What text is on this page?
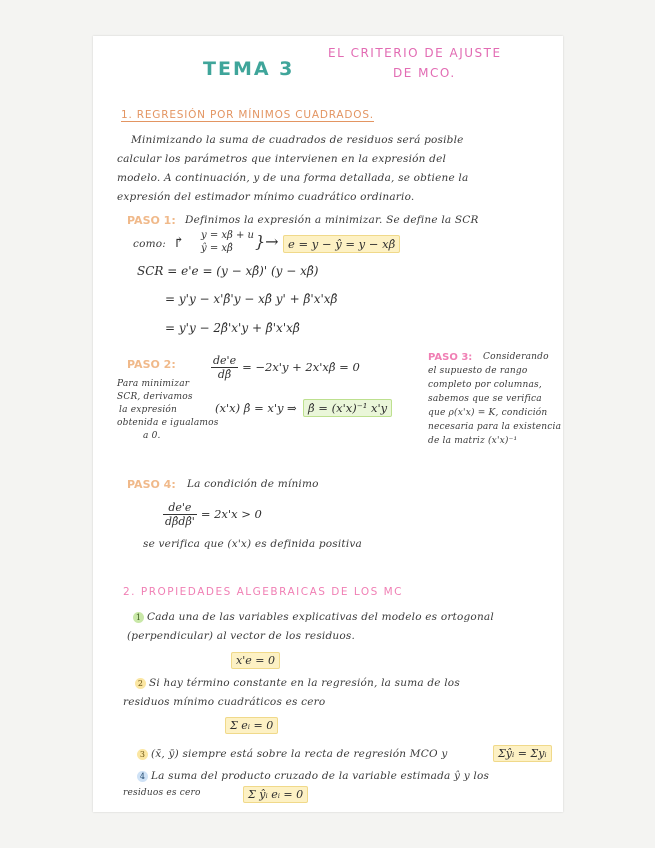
TEMA 3
EL CRITERIO DE AJUSTE
DE MCO.
1. REGRESIÓN POR MÍNIMOS CUADRADOS.
Minimizando la suma de cuadrados de residuos será posible
calcular los parámetros que intervienen en la expresión del
modelo. A continuación, y de una forma detallada, se obtiene la
expresión del estimador mínimo cuadrático ordinario.
PASO 1: Definimos la expresión a minimizar. Se define la SCR
como: ↱ y = xβ + u
ŷ = xβ̂ }→ e = y − ŷ = y − xβ̂
SCR = e'e = (y − xβ̂)' (y − xβ̂)
= y'y − x'β̂'y − xβ̂ y' + β̂'x'xβ̂
= y'y − 2β̂'x'y + β̂'x'xβ̂
PASO 2:	$\frac{de'e}{d\betâ} = -2x'y$ + 2x'xβ̂ = 0
Para minimizar
SCR, derivamos
la expresión
obtenida e igualamos
a 0.
(x'x) β̂ = x'y ⇒ β̂ = (x'x)⁻¹ x'y
PASO 3: Considerando
el supuesto de rango
completo por columnas,
sabemos que se verifica
que ρ(x'x) = K, condición
necesaria para la existencia
de la matriz (x'x)⁻¹
PASO 4: La condición de mínimo
$\frac{de'e}{d\betâd\betâ'} = 2x'x > 0$
se verifica que (x'x) es definida positiva
2. PROPIEDADES ALGEBRAICAS DE LOS MC
1 Cada una de las variables explicativas del modelo es ortogonal
(perpendicular) al vector de los residuos.
x'e = 0
2 Si hay término constante en la regresión, la suma de los
residuos mínimo cuadráticos es cero
Σ eᵢ = 0
3 (x̄, ȳ) siempre está sobre la recta de regresión MCO y	Σŷᵢ = Σyᵢ
4 La suma del producto cruzado de la variable estimada ŷ y los
residuos es cero	Σ ŷᵢ eᵢ = 0
